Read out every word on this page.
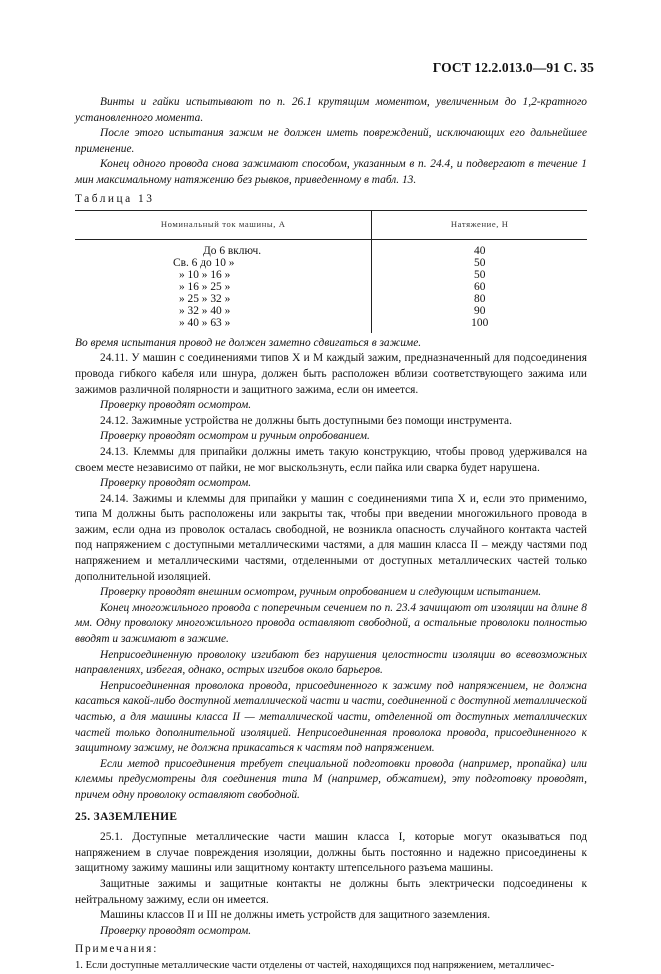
ГОСТ 12.2.013.0—91 С. 35

Винты и гайки испытывают по п. 26.1 крутящим моментом, увеличенным до 1,2-кратного установленного момента.

После этого испытания зажим не должен иметь повреждений, исключающих его дальнейшее применение.

Конец одного провода снова зажимают способом, указанным в п. 24.4, и подвергают в течение 1 мин максимальному натяжению без рывков, приведенному в табл. 13.

Таблица 13

Номинальный ток машины, А	Натяжение, Н
До 6 включ.	40
Св. 6 до 10 »	50
» 10 » 16 »	50
» 16 » 25 »	60
» 25 » 32 »	80
» 32 » 40 »	90
» 40 » 63 »	100

Во время испытания провод не должен заметно сдвигаться в зажиме.

24.11. У машин с соединениями типов X и M каждый зажим, предназначенный для подсоединения провода гибкого кабеля или шнура, должен быть расположен вблизи соответствующего зажима или зажимов различной полярности и защитного зажима, если он имеется.

Проверку проводят осмотром.

24.12. Зажимные устройства не должны быть доступными без помощи инструмента.

Проверку проводят осмотром и ручным опробованием.

24.13. Клеммы для припайки должны иметь такую конструкцию, чтобы провод удерживался на своем месте независимо от пайки, не мог выскользнуть, если пайка или сварка будет нарушена.

Проверку проводят осмотром.

24.14. Зажимы и клеммы для припайки у машин с соединениями типа X и, если это применимо, типа M должны быть расположены или закрыты так, чтобы при введении многожильного провода в зажим, если одна из проволок осталась свободной, не возникла опасность случайного контакта частей под напряжением с доступными металлическими частями, а для машин класса II – между частями под напряжением и металлическими частями, отделенными от доступных металлических частей только дополнительной изоляцией.

Проверку проводят внешним осмотром, ручным опробованием и следующим испытанием.

Конец многожильного провода с поперечным сечением по п. 23.4 зачищают от изоляции на длине 8 мм. Одну проволоку многожильного провода оставляют свободной, а остальные проволоки полностью вводят и зажимают в зажиме.

Неприсоединенную проволоку изгибают без нарушения целостности изоляции во всевозможных направлениях, избегая, однако, острых изгибов около барьеров.

Неприсоединенная проволока провода, присоединенного к зажиму под напряжением, не должна касаться какой-либо доступной металлической части и части, соединенной с доступной металлической частью, а для машины класса II — металлической части, отделенной от доступных металлических частей только дополнительной изоляцией. Неприсоединенная проволока провода, присоединенного к защитному зажиму, не должна прикасаться к частям под напряжением.

Если метод присоединения требует специальной подготовки провода (например, пропайка) или клеммы предусмотрены для соединения типа M (например, обжатием), эту подготовку проводят, причем одну проволоку оставляют свободной.

25. ЗАЗЕМЛЕНИЕ

25.1. Доступные металлические части машин класса I, которые могут оказываться под напряжением в случае повреждения изоляции, должны быть постоянно и надежно присоединены к защитному зажиму машины или защитному контакту штепсельного разъема машины.

Защитные зажимы и защитные контакты не должны быть электрически подсоединены к нейтральному зажиму, если он имеется.

Машины классов II и III не должны иметь устройств для защитного заземления.

Проверку проводят осмотром.

Примечания:

1. Если доступные металлические части отделены от частей, находящихся под напряжением, металличес-
